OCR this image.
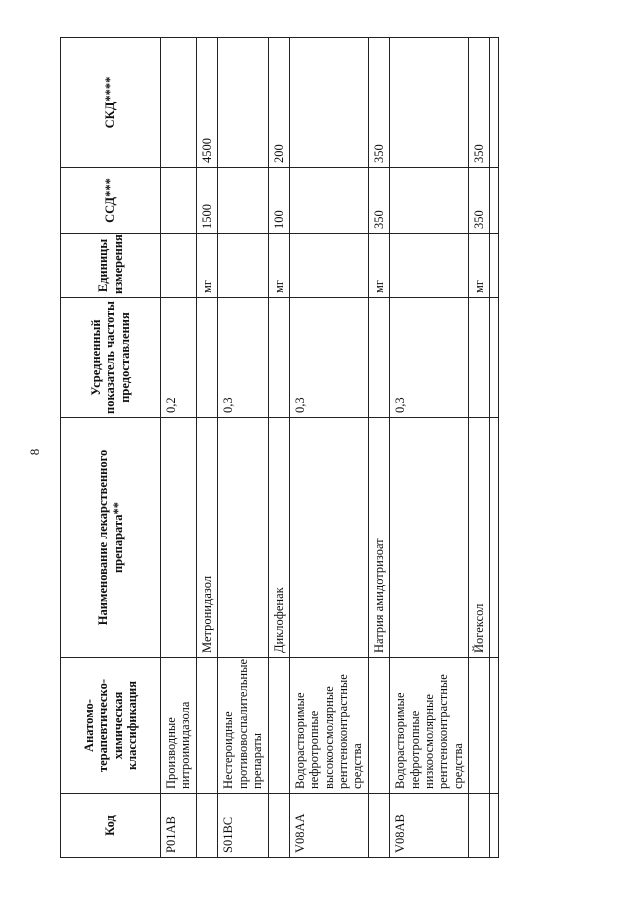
8
Код	Анатомо-терапевтическо-химическая классификация	Наименование лекарственного препарата**	Усредненный показатель частоты предоставления	Единицы измерения	ССД***	СКД****
P01AB	Производные нитроимидазола		0,2			
		Метронидазол		мг	1500	4500
S01BC	Нестероидные противовоспалительные препараты		0,3			
		Диклофенак		мг	100	200
V08AA	Водорастворимые нефротропные высокоосмолярные рентгеноконтрастные средства		0,3			
		Натрия амидотризоат		мг	350	350
V08AB	Водорастворимые нефротропные низкоосмолярные рентгеноконтрастные средства		0,3			
		Йогексол		мг	350	350
